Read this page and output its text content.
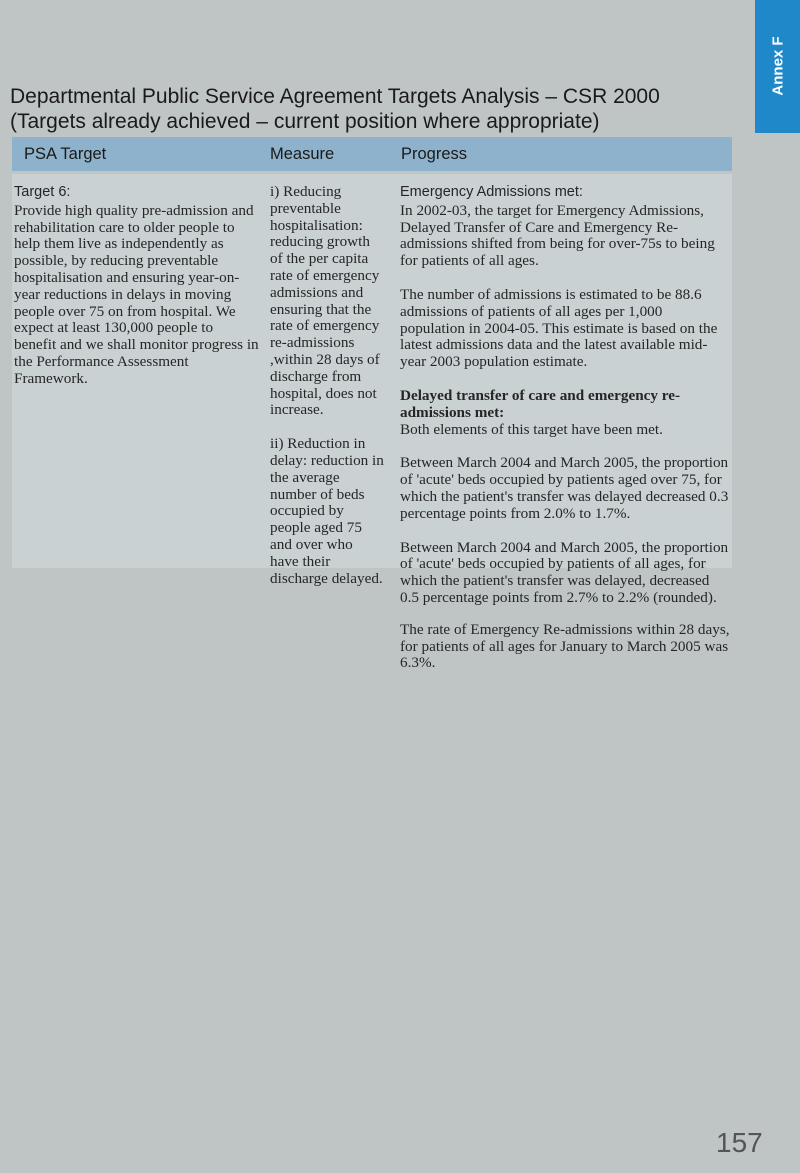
Annex F
Departmental Public Service Agreement Targets Analysis – CSR 2000
(Targets already achieved – current position where appropriate)
PSA Target	Measure	Progress
Target 6:

Provide high quality pre-admission and rehabilitation care to older people to help them live as independently as possible, by reducing preventable hospitalisation and ensuring year-on-year reductions in delays in moving people over 75 on from hospital. We expect at least 130,000 people to benefit and we shall monitor progress in the Performance Assessment Framework.

i) Reducing preventable hospitalisation: reducing growth of the per capita rate of emergency admissions and ensuring that the rate of emergency re-admissions ,within 28 days of discharge from hospital, does not increase.

ii) Reduction in delay: reduction in the average number of beds occupied by people aged 75 and over who have their discharge delayed.

Emergency Admissions met:

In 2002-03, the target for Emergency Admissions, Delayed Transfer of Care and Emergency Re-admissions shifted from being for over-75s to being for patients of all ages.

The number of admissions is estimated to be 88.6 admissions of patients of all ages per 1,000 population in 2004-05. This estimate is based on the latest admissions data and the latest available mid-year 2003 population estimate.

Delayed transfer of care and emergency re-admissions met:

Both elements of this target have been met.

Between March 2004 and March 2005, the proportion of 'acute' beds occupied by patients aged over 75, for which the patient's transfer was delayed decreased 0.3 percentage points from 2.0% to 1.7%.

Between March 2004 and March 2005, the proportion of 'acute' beds occupied by patients of all ages, for which the patient's transfer was delayed, decreased 0.5 percentage points from 2.7% to 2.2% (rounded).

The rate of Emergency Re-admissions within 28 days, for patients of all ages for January to March 2005 was 6.3%.

157
